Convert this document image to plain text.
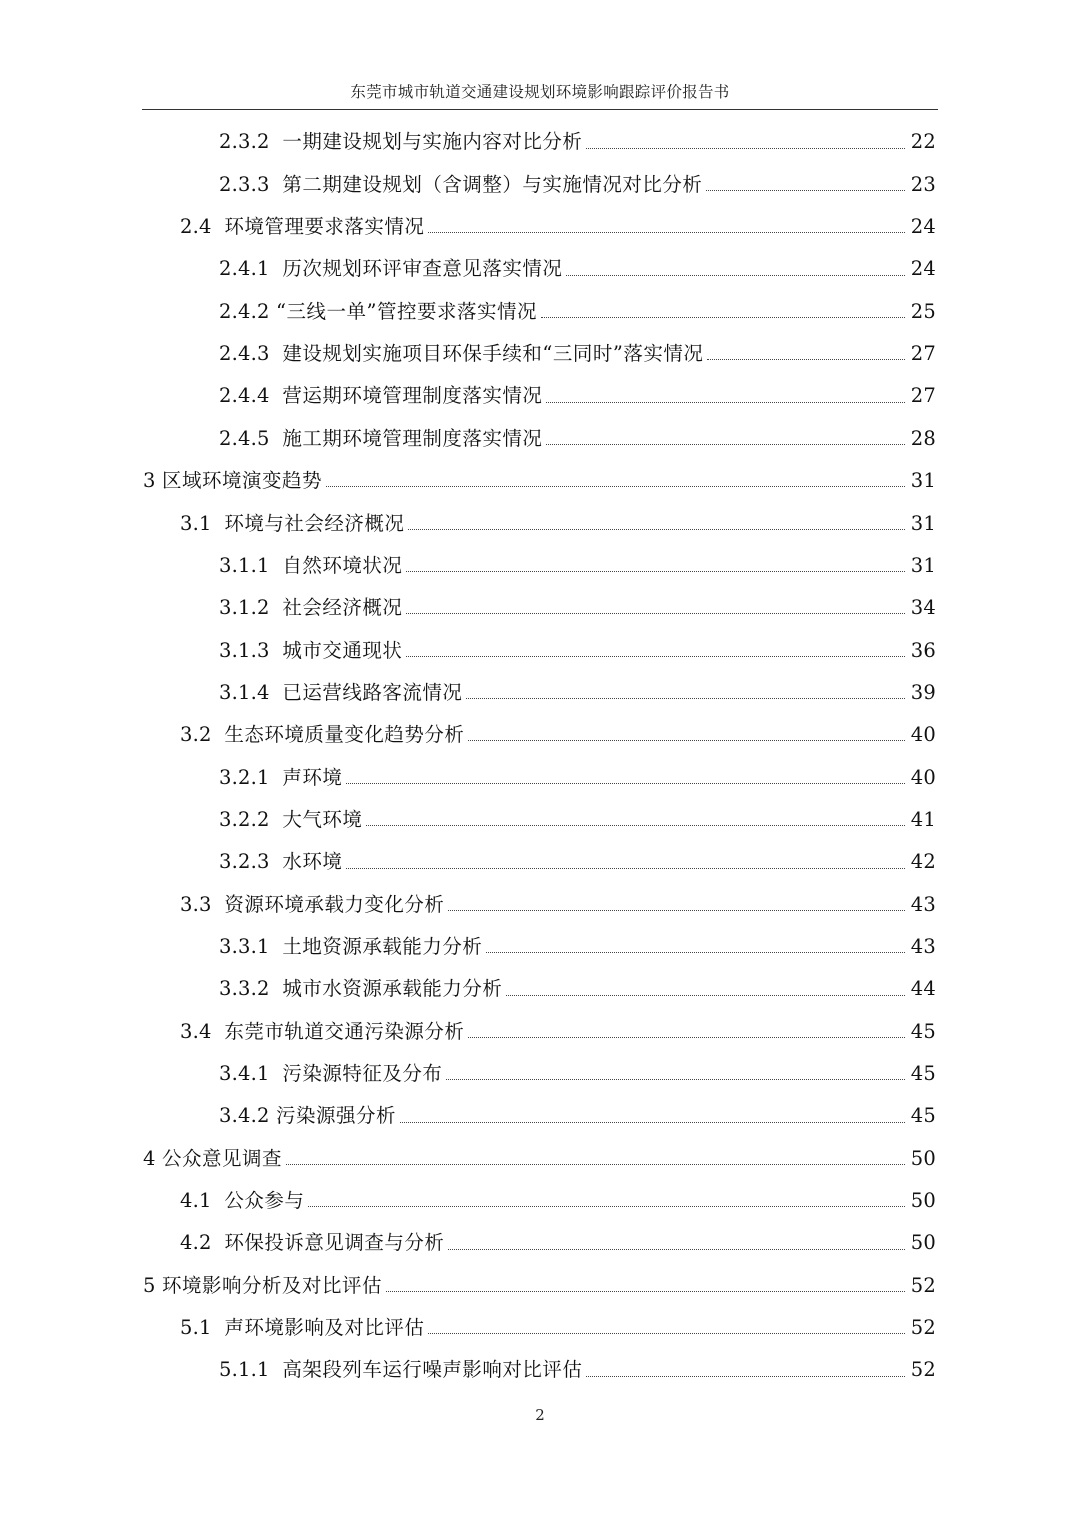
东莞市城市轨道交通建设规划环境影响跟踪评价报告书
2.3.2 一期建设规划与实施内容对比分析	22
2.3.3 第二期建设规划（含调整）与实施情况对比分析	23
2.4 环境管理要求落实情况	24
2.4.1 历次规划环评审查意见落实情况	24
2.4.2 “三线一单”管控要求落实情况	25
2.4.3 建设规划实施项目环保手续和“三同时”落实情况	27
2.4.4 营运期环境管理制度落实情况	27
2.4.5 施工期环境管理制度落实情况	28
3 区域环境演变趋势	31
3.1 环境与社会经济概况	31
3.1.1 自然环境状况	31
3.1.2 社会经济概况	34
3.1.3 城市交通现状	36
3.1.4 已运营线路客流情况	39
3.2 生态环境质量变化趋势分析	40
3.2.1 声环境	40
3.2.2 大气环境	41
3.2.3 水环境	42
3.3 资源环境承载力变化分析	43
3.3.1 土地资源承载能力分析	43
3.3.2 城市水资源承载能力分析	44
3.4 东莞市轨道交通污染源分析	45
3.4.1 污染源特征及分布	45
3.4.2 污染源强分析	45
4 公众意见调查	50
4.1 公众参与	50
4.2 环保投诉意见调查与分析	50
5 环境影响分析及对比评估	52
5.1 声环境影响及对比评估	52
5.1.1 高架段列车运行噪声影响对比评估	52
2
